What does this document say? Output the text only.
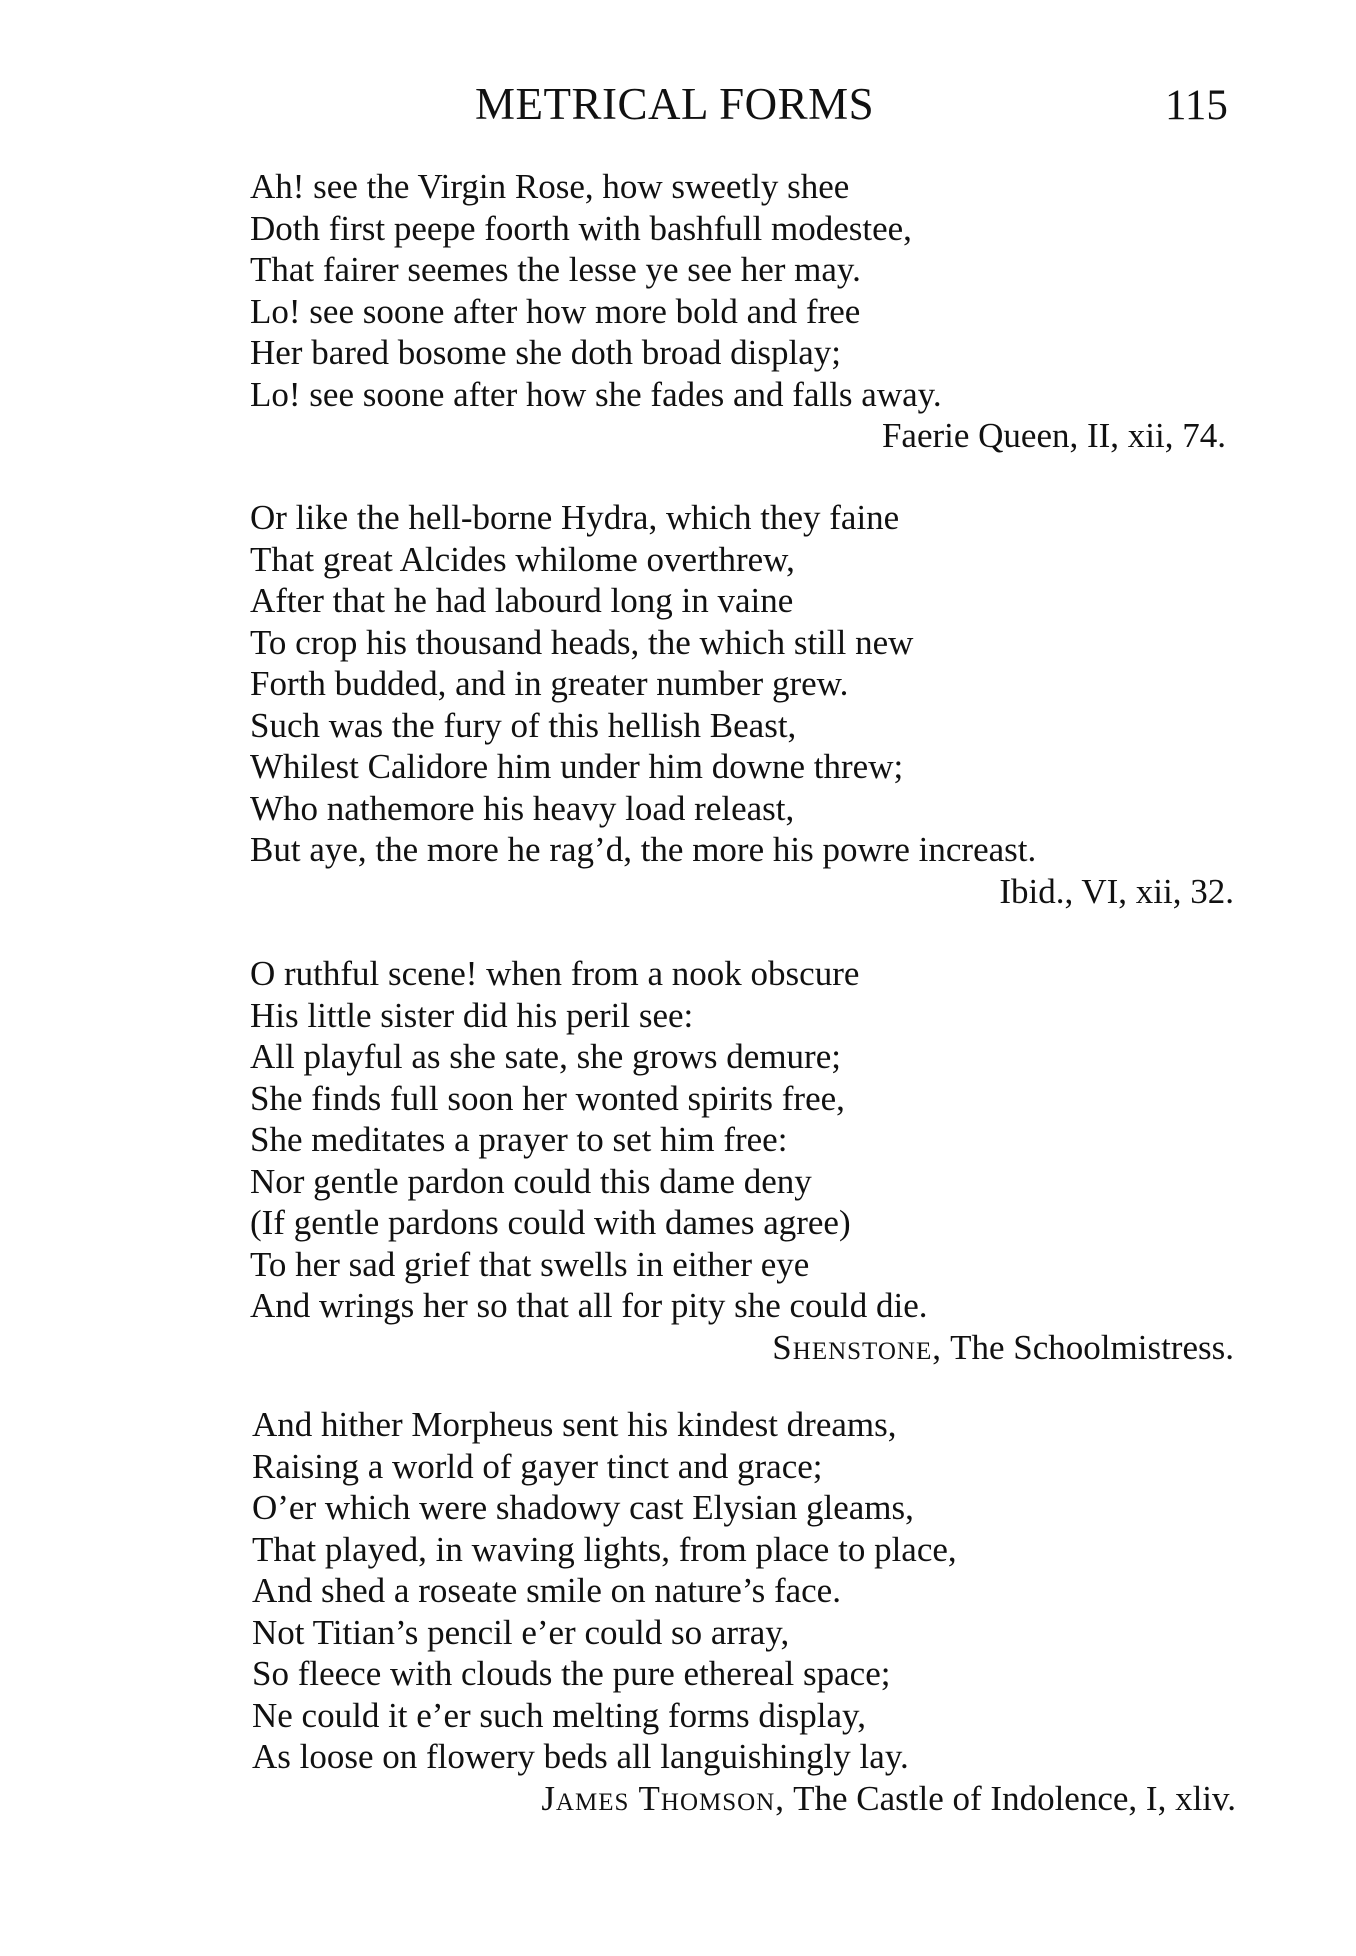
METRICAL FORMS	115
Ah! see the Virgin Rose, how sweetly shee
Doth first peepe foorth with bashfull modestee,
That fairer seemes the lesse ye see her may.
Lo! see soone after how more bold and free
Her bared bosome she doth broad display;
Lo! see soone after how she fades and falls away.
Faerie Queen, II, xii, 74.
Or like the hell-borne Hydra, which they faine
That great Alcides whilome overthrew,
After that he had labourd long in vaine
To crop his thousand heads, the which still new
Forth budded, and in greater number grew.
Such was the fury of this hellish Beast,
Whilest Calidore him under him downe threw;
Who nathemore his heavy load releast,
But aye, the more he rag’d, the more his powre increast.
Ibid., VI, xii, 32.
O ruthful scene! when from a nook obscure
His little sister did his peril see:
All playful as she sate, she grows demure;
She finds full soon her wonted spirits free,
She meditates a prayer to set him free:
Nor gentle pardon could this dame deny
(If gentle pardons could with dames agree)
To her sad grief that swells in either eye
And wrings her so that all for pity she could die.
Shenstone, The Schoolmistress.
And hither Morpheus sent his kindest dreams,
Raising a world of gayer tinct and grace;
O’er which were shadowy cast Elysian gleams,
That played, in waving lights, from place to place,
And shed a roseate smile on nature’s face.
Not Titian’s pencil e’er could so array,
So fleece with clouds the pure ethereal space;
Ne could it e’er such melting forms display,
As loose on flowery beds all languishingly lay.
James Thomson, The Castle of Indolence, I, xliv.
